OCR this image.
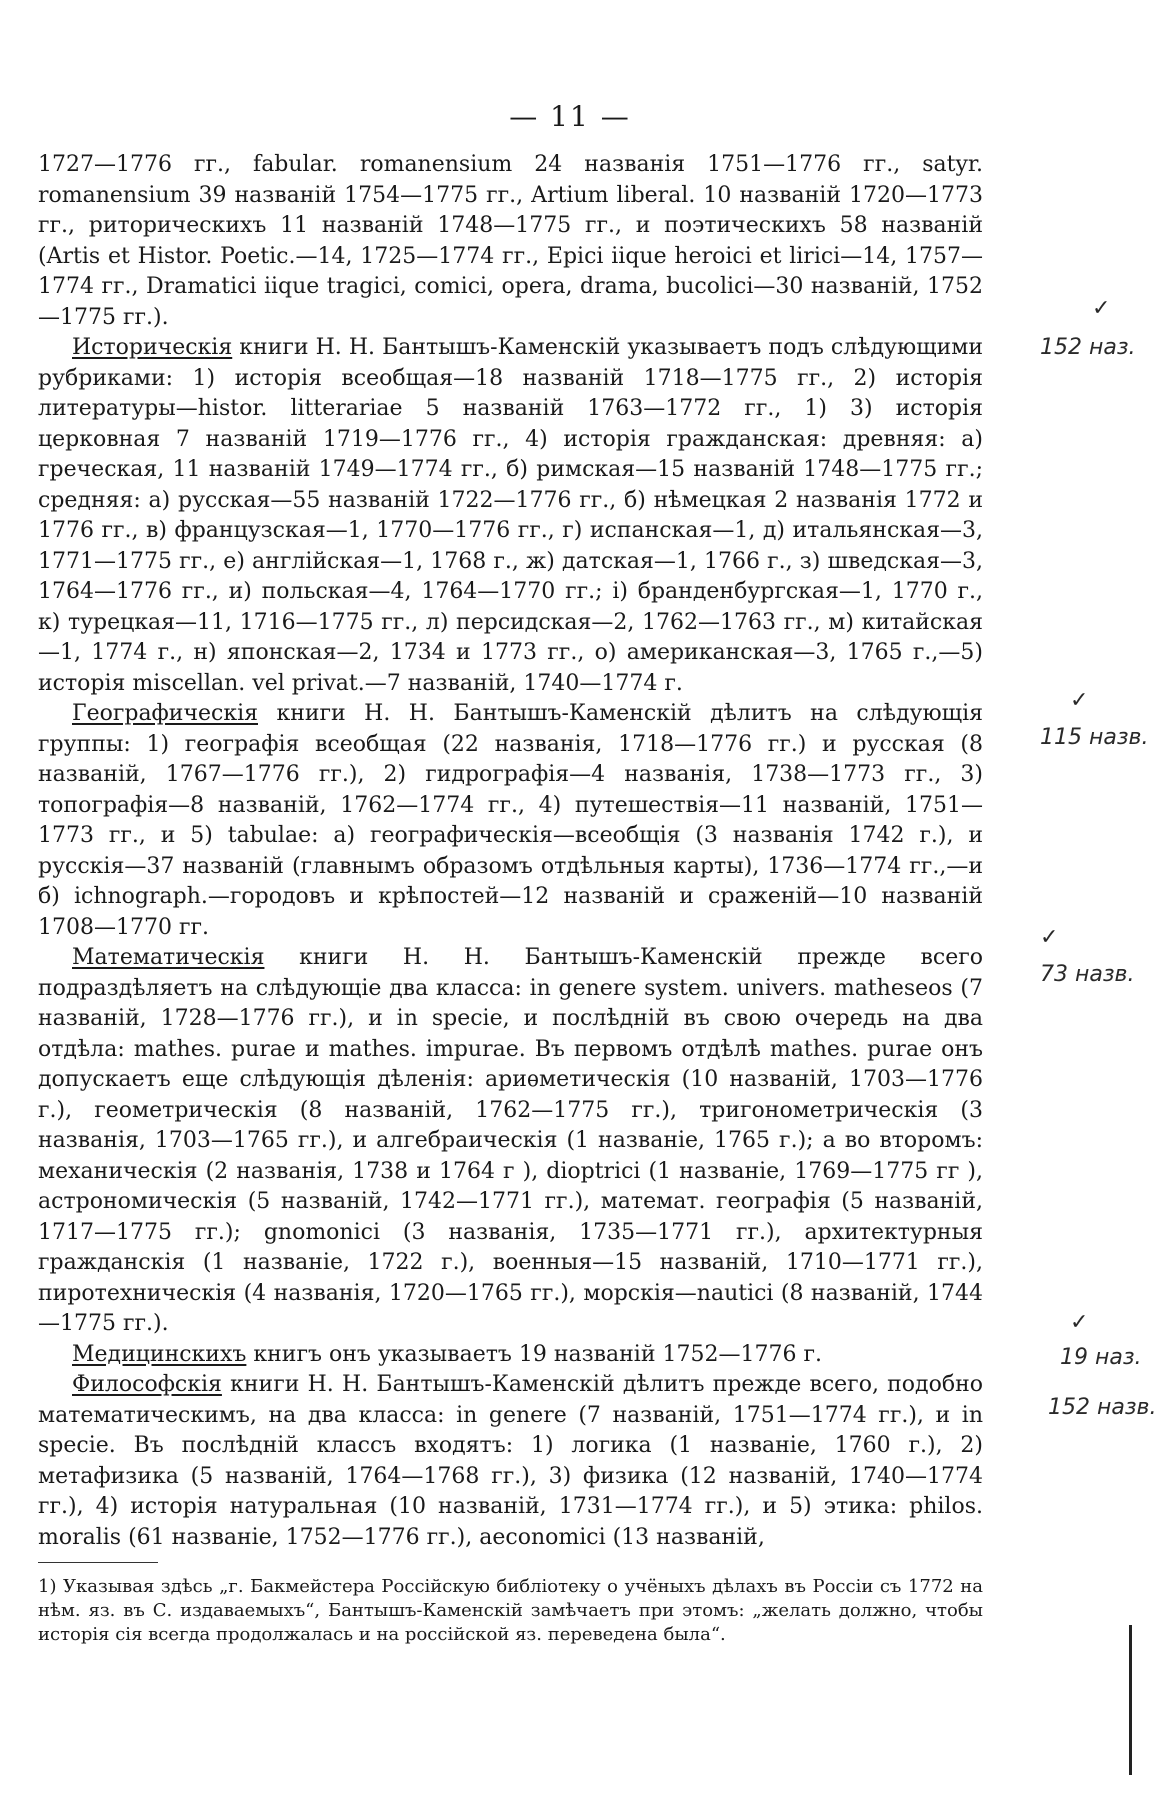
— 11 —

1727—1776 гг., fabular. romanensium 24 названія 1751—1776 гг., satyr. romanensium 39 названій 1754—1775 гг., Artium liberal. 10 названій 1720—1773 гг., риторическихъ 11 названій 1748—1775 гг., и поэтическихъ 58 названій (Artis et Histor. Poetic.—14, 1725—1774 гг., Epici iique heroici et lirici—14, 1757—1774 гг., Dramatici iique tragici, comici, opera, drama, bucolici—30 названій, 1752—1775 гг.).

Историческія книги Н. Н. Бантышъ-Каменскій указываетъ подъ слѣдующими рубриками: 1) исторія всеобщая—18 названій 1718—1775 гг., 2) исторія литературы—histor. litterariae 5 названій 1763—1772 гг., 1) 3) исторія церковная 7 названій 1719—1776 гг., 4) исторія гражданская: древняя: а) греческая, 11 названій 1749—1774 гг., б) римская—15 названій 1748—1775 гг.; средняя: а) русская—55 названій 1722—1776 гг., б) нѣмецкая 2 названія 1772 и 1776 гг., в) французская—1, 1770—1776 гг., г) испанская—1, д) итальянская—3, 1771—1775 гг., е) англійская—1, 1768 г., ж) датская—1, 1766 г., з) шведская—3, 1764—1776 гг., и) польская—4, 1764—1770 гг.; і) бранденбургская—1, 1770 г., к) турецкая—11, 1716—1775 гг., л) персидская—2, 1762—1763 гг., м) китайская—1, 1774 г., н) японская—2, 1734 и 1773 гг., о) американская—3, 1765 г.,—5) исторія miscellan. vel privat.—7 названій, 1740—1774 г.

Географическія книги Н. Н. Бантышъ-Каменскій дѣлитъ на слѣдующія группы: 1) географія всеобщая (22 названія, 1718—1776 гг.) и русская (8 названій, 1767—1776 гг.), 2) гидрографія—4 названія, 1738—1773 гг., 3) топографія—8 названій, 1762—1774 гг., 4) путешествія—11 названій, 1751—1773 гг., и 5) tabulae: а) географическія—всеобщія (3 названія 1742 г.), и русскія—37 названій (главнымъ образомъ отдѣльныя карты), 1736—1774 гг.,—и б) ichnograph.—городовъ и крѣпостей—12 названій и сраженій—10 названій 1708—1770 гг.

Математическія книги Н. Н. Бантышъ-Каменскій прежде всего подраздѣляетъ на слѣдующіе два класса: in genere system. univers. matheseos (7 названій, 1728—1776 гг.), и in specie, и послѣдній въ свою очередь на два отдѣла: mathes. purae и mathes. impurae. Въ первомъ отдѣлѣ mathes. purae онъ допускаетъ еще слѣдующія дѣленія: ариѳметическія (10 названій, 1703—1776 г.), геометрическія (8 названій, 1762—1775 гг.), тригонометрическія (3 названія, 1703—1765 гг.), и алгебраическія (1 названіе, 1765 г.); а во второмъ: механическія (2 названія, 1738 и 1764 г ), dioptrici (1 названіе, 1769—1775 гг ), астрономическія (5 названій, 1742—1771 гг.), математ. географія (5 названій, 1717—1775 гг.); gnomonici (3 названія, 1735—1771 гг.), архитектурныя гражданскія (1 названіе, 1722 г.), военныя—15 названій, 1710—1771 гг.), пиротехническія (4 названія, 1720—1765 гг.), морскія—nautici (8 названій, 1744—1775 гг.).

Медицинскихъ книгъ онъ указываетъ 19 названій 1752—1776 г.

Философскія книги Н. Н. Бантышъ-Каменскій дѣлитъ прежде всего, подобно математическимъ, на два класса: in genere (7 названій, 1751—1774 гг.), и in specie. Въ послѣдній классъ входятъ: 1) логика (1 названіе, 1760 г.), 2) метафизика (5 названій, 1764—1768 гг.), 3) физика (12 названій, 1740—1774 гг.), 4) исторія натуральная (10 названій, 1731—1774 гг.), и 5) этика: philos. moralis (61 названіе, 1752—1776 гг.), aeconomici (13 названій,

1) Указывая здѣсь „г. Бакмейстера Россійскую библіотеку о учёныхъ дѣлахъ въ Россіи съ 1772 на нѣм. яз. въ С. издаваемыхъ“, Бантышъ-Каменскій замѣчаетъ при этомъ: „желать должно, чтобы исторія сія всегда продолжалась и на россійской яз. переведена была“.
✓
152 наз.
✓
115 назв.
✓
73 назв.
✓
19 наз.
152 назв.
